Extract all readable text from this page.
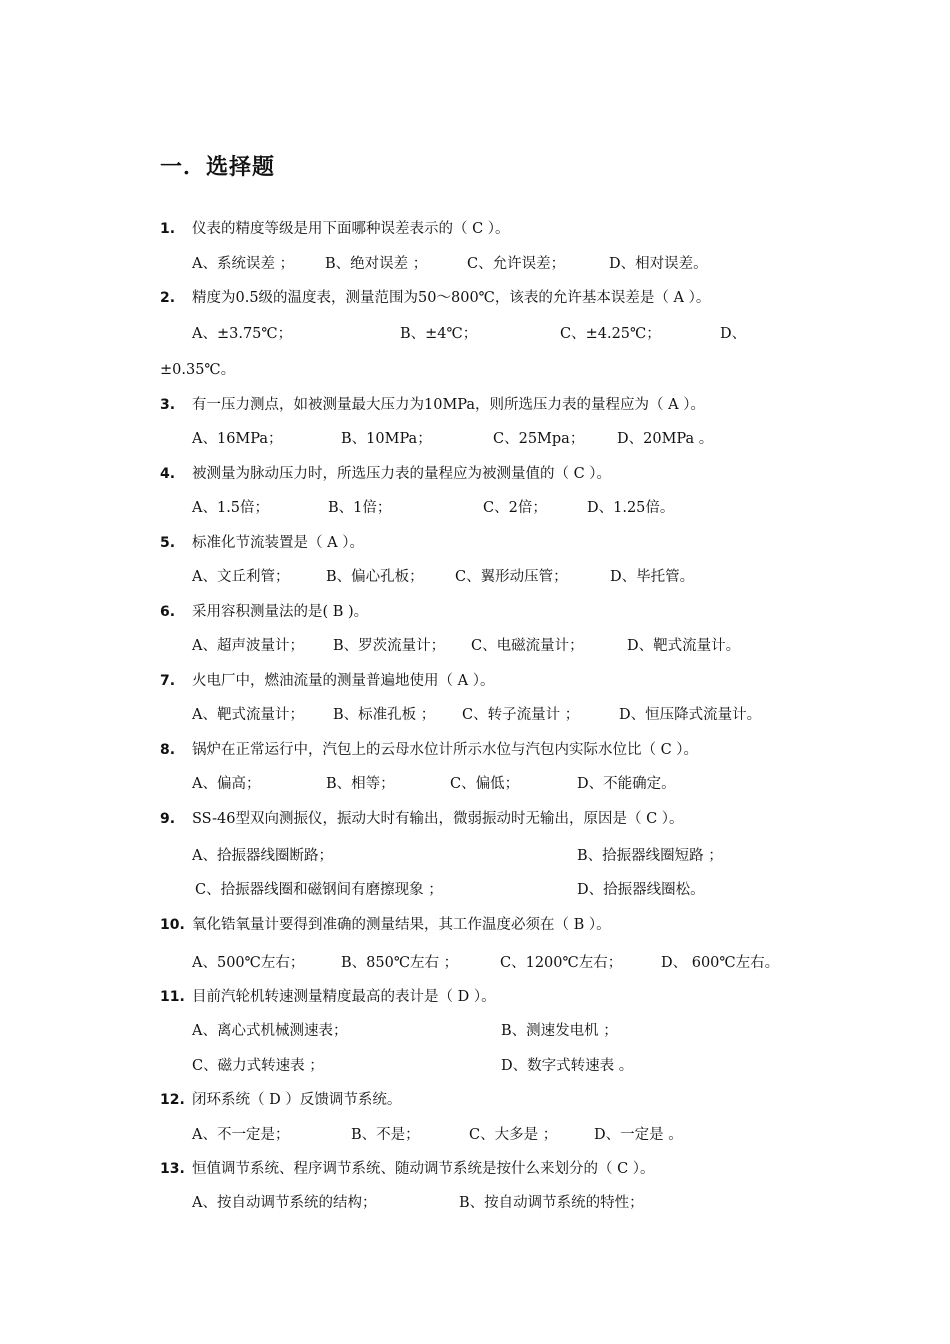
一．选择题
1.	仪表的精度等级是用下面哪种误差表示的（ C ）。
A、系统误差 ； B、绝对误差 ；	C、允许误差；	D、相对误差。
2.	精度为0.5级的温度表，测量范围为50～800℃，该表的允许基本误差是（ A ）。
A、±3.75℃；	B、±4℃；	C、±4.25℃；	D、
±0.35℃。
3.	有一压力测点，如被测量最大压力为10MPa，则所选压力表的量程应为（ A ）。
A、16MPa；	B、10MPa；	C、25Mpa； D、20MPa 。
4.	被测量为脉动压力时，所选压力表的量程应为被测量值的（ C ）。
A、1.5倍；	B、1倍；	C、2倍；	D、1.25倍。
5.	标准化节流装置是（ A ）。
A、文丘利管；	B、偏心孔板； C、翼形动压管；	D、毕托管。
6.	采用容积测量法的是( B )。
A、超声波量计； B、罗茨流量计； C、电磁流量计；	D、靶式流量计。
7.	火电厂中，燃油流量的测量普遍地使用（ A ）。
A、靶式流量计； B、标准孔板 ； C、转子流量计 ；	D、恒压降式流量计。
8.	锅炉在正常运行中，汽包上的云母水位计所示水位与汽包内实际水位比（ C ）。
A、偏高；	B、相等；	C、偏低；	D、不能确定。
9.	SS-46型双向测振仪，振动大时有输出，微弱振动时无输出，原因是（ C ）。
A、拾振器线圈断路；	B、拾振器线圈短路 ；
C、拾振器线圈和磁钢间有磨擦现象 ；	D、拾振器线圈松。
10. 氧化锆氧量计要得到准确的测量结果，其工作温度必须在（ B ）。
A、500℃左右；	B、850℃左右 ；	C、1200℃左右；	D、 600℃左右。
11. 目前汽轮机转速测量精度最高的表计是（ D ）。
A、离心式机械测速表；	B、测速发电机 ；
C、磁力式转速表 ；	D、数字式转速表 。
12. 闭环系统（ D ）反馈调节系统。
A、不一定是；	B、不是；	C、大多是 ；	D、一定是 。
13. 恒值调节系统、程序调节系统、随动调节系统是按什么来划分的（ C ）。
A、按自动调节系统的结构；	B、按自动调节系统的特性；
